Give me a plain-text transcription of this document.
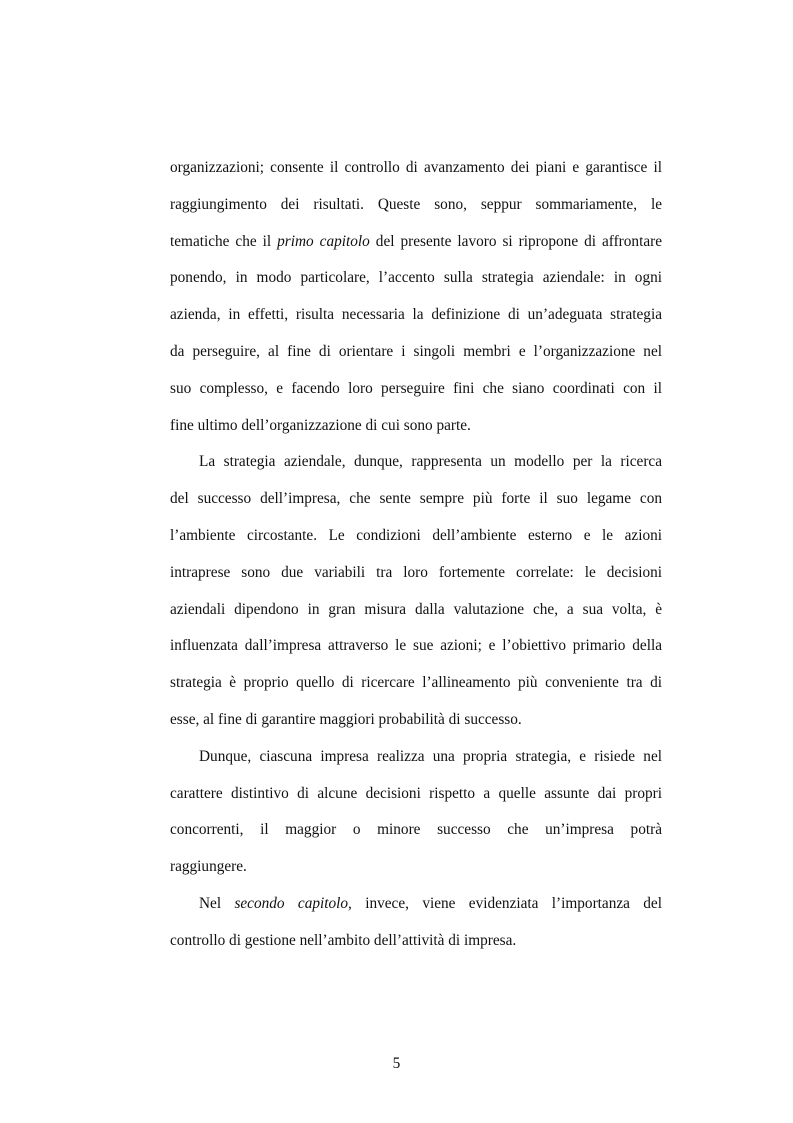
organizzazioni; consente il controllo di avanzamento dei piani e garantisce il
raggiungimento dei risultati. Queste sono, seppur sommariamente, le
tematiche che il primo capitolo del presente lavoro si ripropone di affrontare
ponendo, in modo particolare, l’accento sulla strategia aziendale: in ogni
azienda, in effetti, risulta necessaria la definizione di un’adeguata strategia
da perseguire, al fine di orientare i singoli membri e l’organizzazione nel
suo complesso, e facendo loro perseguire fini che siano coordinati con il
fine ultimo dell’organizzazione di cui sono parte.
La strategia aziendale, dunque, rappresenta un modello per la ricerca
del successo dell’impresa, che sente sempre più forte il suo legame con
l’ambiente circostante. Le condizioni dell’ambiente esterno e le azioni
intraprese sono due variabili tra loro fortemente correlate: le decisioni
aziendali dipendono in gran misura dalla valutazione che, a sua volta, è
influenzata dall’impresa attraverso le sue azioni; e l’obiettivo primario della
strategia è proprio quello di ricercare l’allineamento più conveniente tra di
esse, al fine di garantire maggiori probabilità di successo.
Dunque, ciascuna impresa realizza una propria strategia, e risiede nel
carattere distintivo di alcune decisioni rispetto a quelle assunte dai propri
concorrenti, il maggior o minore successo che un’impresa potrà
raggiungere.
Nel secondo capitolo, invece, viene evidenziata l’importanza del
controllo di gestione nell’ambito dell’attività di impresa.
5
